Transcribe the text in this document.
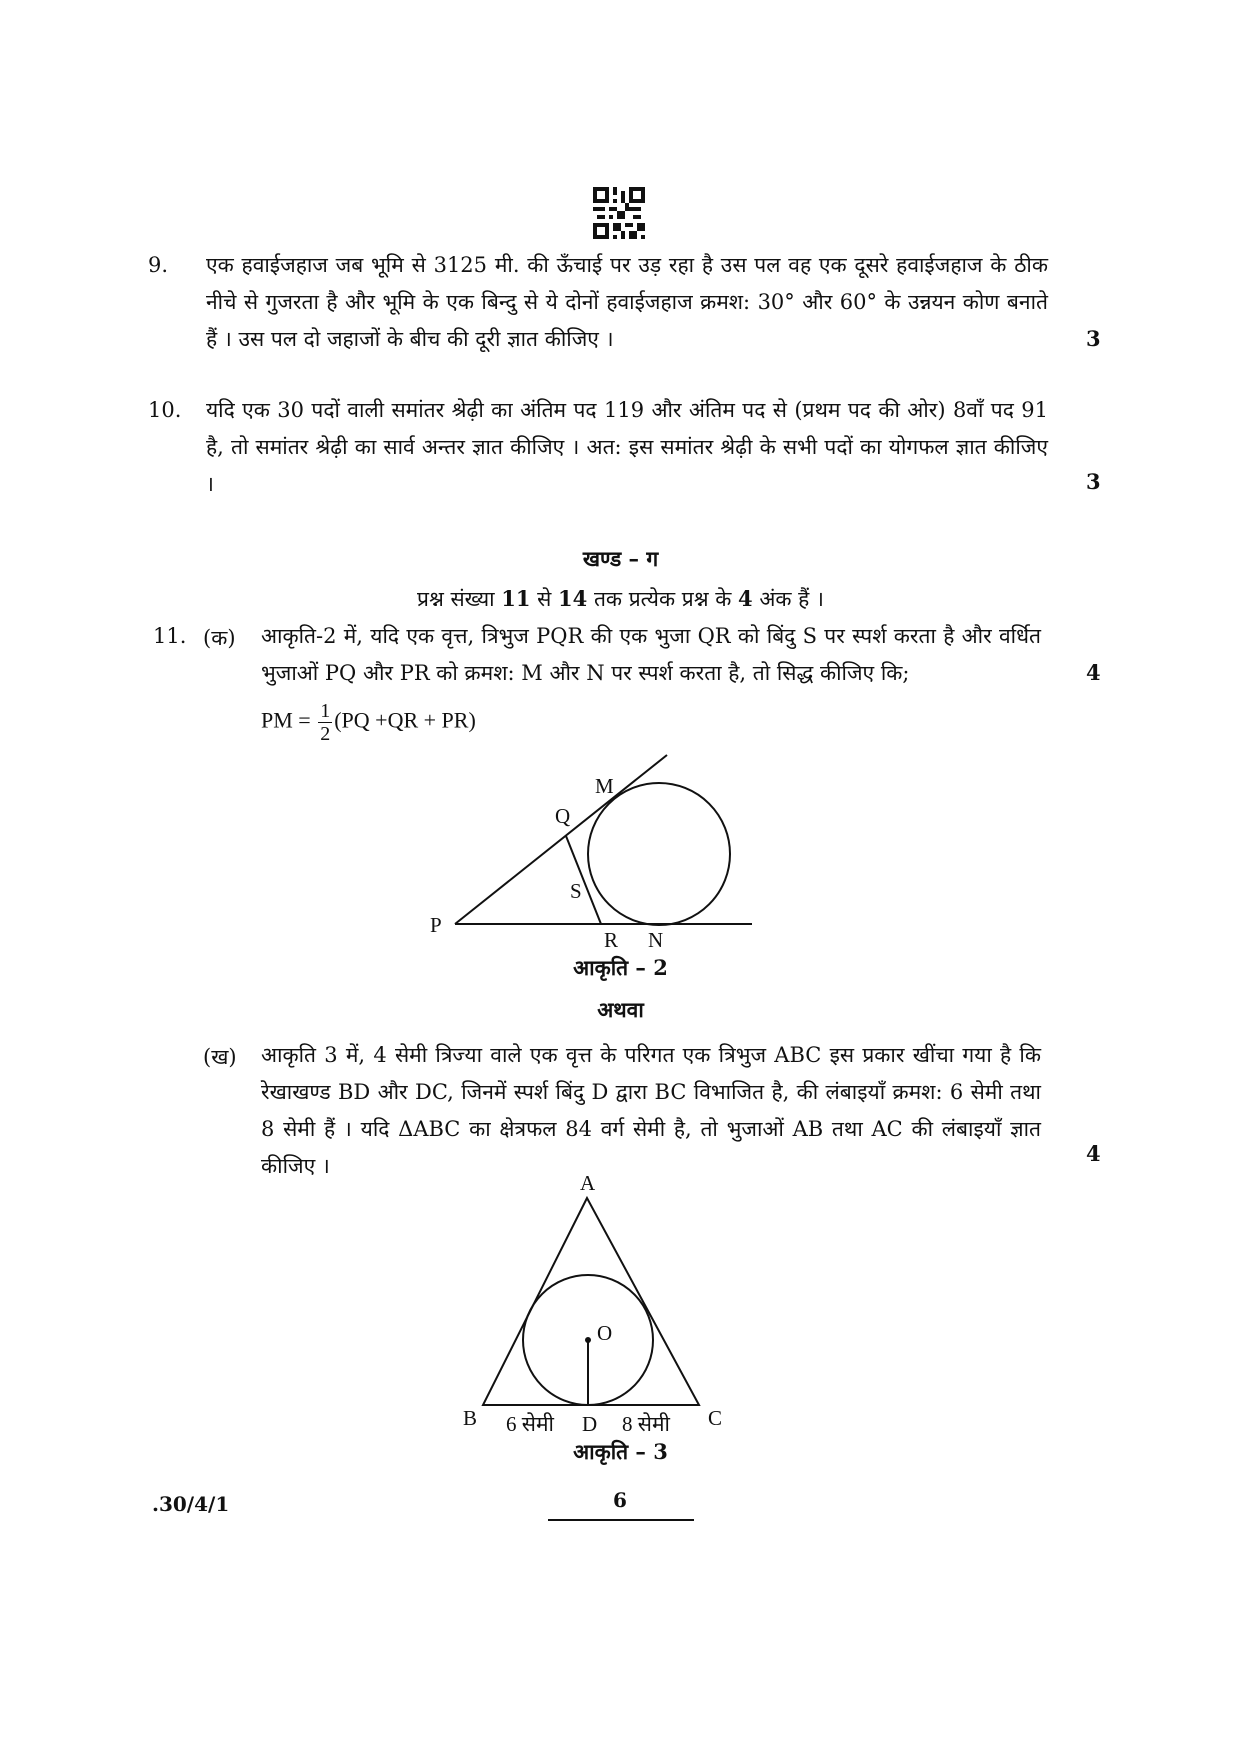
9. एक हवाईजहाज जब भूमि से 3125 मी. की ऊँचाई पर उड़ रहा है उस पल वह एक दूसरे हवाईजहाज के ठीक नीचे से गुजरता है और भूमि के एक बिन्दु से ये दोनों हवाईजहाज क्रमश: 30° और 60° के उन्नयन कोण बनाते हैं । उस पल दो जहाजों के बीच की दूरी ज्ञात कीजिए ।	3
10. यदि एक 30 पदों वाली समांतर श्रेढ़ी का अंतिम पद 119 और अंतिम पद से (प्रथम पद की ओर) 8वाँ पद 91 है, तो समांतर श्रेढ़ी का सार्व अन्तर ज्ञात कीजिए । अत: इस समांतर श्रेढ़ी के सभी पदों का योगफल ज्ञात कीजिए ।	3
खण्ड – ग
प्रश्न संख्या 11 से 14 तक प्रत्येक प्रश्न के 4 अंक हैं ।
11. (क) आकृति-2 में, यदि एक वृत्त, त्रिभुज PQR की एक भुजा QR को बिंदु S पर स्पर्श करता है और वर्धित भुजाओं PQ और PR को क्रमश: M और N पर स्पर्श करता है, तो सिद्ध कीजिए कि;	4
PM = $\frac{1}{2} (PQ +QR + PR)$
P
Q
M
S
R N
आकृति – 2
अथवा
(ख) आकृति 3 में, 4 सेमी त्रिज्या वाले एक वृत्त के परिगत एक त्रिभुज ABC इस प्रकार खींचा गया है कि रेखाखण्ड BD और DC, जिनमें स्पर्श बिंदु D द्वारा BC विभाजित है, की लंबाइयाँ क्रमश: 6 सेमी तथा 8 सेमी हैं । यदि ΔABC का क्षेत्रफल 84 वर्ग सेमी है, तो भुजाओं AB तथा AC की लंबाइयाँ ज्ञात कीजिए ।	4
A
O
B	C
D
6 सेमी	8 सेमी
आकृति – 3
.30/4/1	6
